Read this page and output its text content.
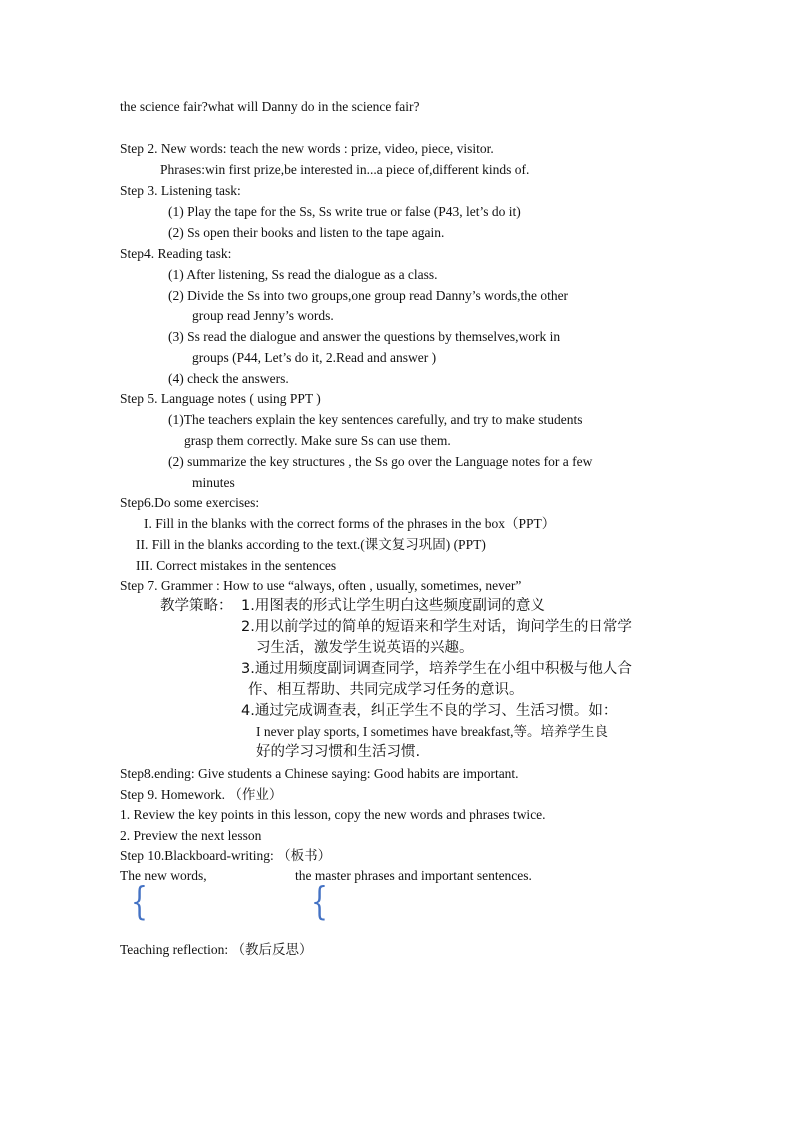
the science fair?what will Danny do in the science fair?
Step 2. New words: teach the new words : prize, video, piece, visitor.
Phrases:win first prize,be interested in...a piece of,different kinds of.
Step 3. Listening task:
(1) Play the tape for the Ss, Ss write true or false (P43, let’s do it)
(2) Ss open their books and listen to the tape again.
Step4. Reading task:
(1) After listening, Ss read the dialogue as a class.
(2) Divide the Ss into two groups,one group read Danny’s words,the other
group read Jenny’s words.
(3) Ss read the dialogue and answer the questions by themselves,work in
groups (P44, Let’s do it, 2.Read and answer )
(4) check the answers.
Step 5. Language notes ( using PPT )
(1)The teachers explain the key sentences carefully, and try to make students
grasp them correctly. Make sure Ss can use them.
(2) summarize the key structures , the Ss go over the Language notes for a few
minutes
Step6.Do some exercises:
I. Fill in the blanks with the correct forms of the phrases in the box（PPT）
II. Fill in the blanks according to the text.(课文复习巩固) (PPT)
III. Correct mistakes in the sentences
Step 7. Grammer : How to use “always, often , usually, sometimes, never”
教学策略： 1.用图表的形式让学生明白这些频度副词的意义
2.用以前学过的简单的短语来和学生对话，询问学生的日常学
习生活，激发学生说英语的兴趣。
3.通过用频度副词调查同学，培养学生在小组中积极与他人合
作、相互帮助、共同完成学习任务的意识。
4.通过完成调查表，纠正学生不良的学习、生活习惯。如：
I never play sports, I sometimes have breakfast,等。培养学生良
好的学习习惯和生活习惯.
Step8.ending: Give students a Chinese saying: Good habits are important.
Step 9. Homework. （作业）
1. Review the key points in this lesson, copy the new words and phrases twice.
2. Preview the next lesson
Step 10.Blackboard-writing: （板书）
The new words,	the master phrases and important sentences.
{	{
Teaching reflection: （教后反思）
